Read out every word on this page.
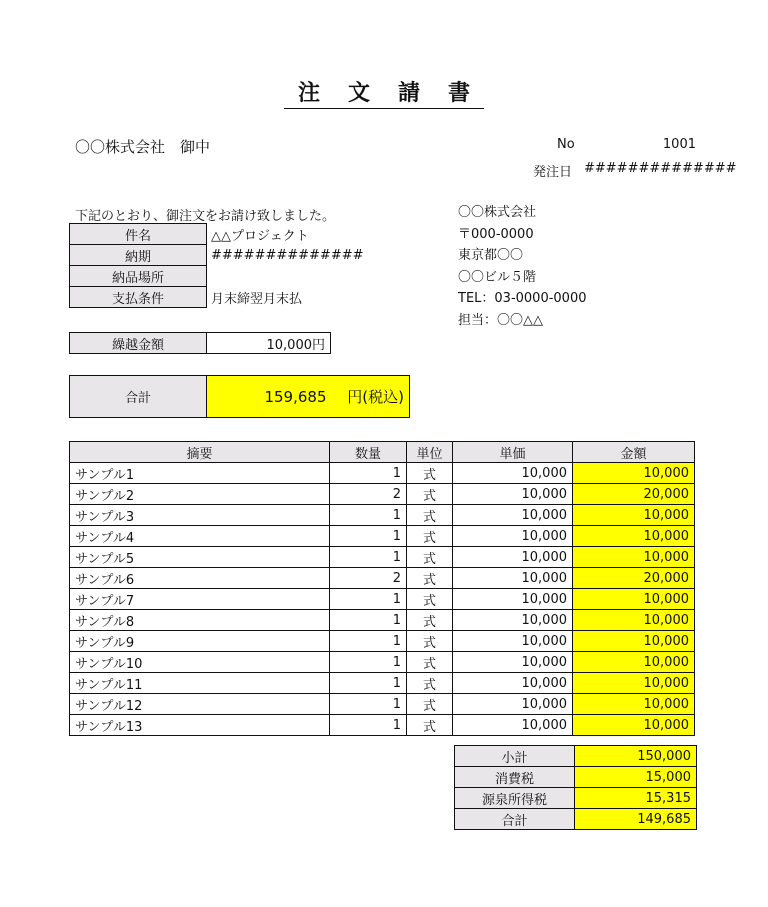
注 文 請 書
〇〇株式会社　御中	No	1001
発注日 ##############
下記のとおり、御注文をお請け致しました。
件名	△△プロジェクト
納期	##############
納品場所	
支払条件	月末締翌月末払
〇〇株式会社
〒000-0000
東京都〇〇
〇〇ビル５階
TEL：03-0000-0000
担当：〇〇△△
繰越金額	10,000円
合計	159,685 円(税込)
摘要	数量	単位	単価	金額
サンプル1	1	式	10,000	10,000
サンプル2	2	式	10,000	20,000
サンプル3	1	式	10,000	10,000
サンプル4	1	式	10,000	10,000
サンプル5	1	式	10,000	10,000
サンプル6	2	式	10,000	20,000
サンプル7	1	式	10,000	10,000
サンプル8	1	式	10,000	10,000
サンプル9	1	式	10,000	10,000
サンプル10	1	式	10,000	10,000
サンプル11	1	式	10,000	10,000
サンプル12	1	式	10,000	10,000
サンプル13	1	式	10,000	10,000
小計	150,000
消費税	15,000
源泉所得税	15,315
合計	149,685
